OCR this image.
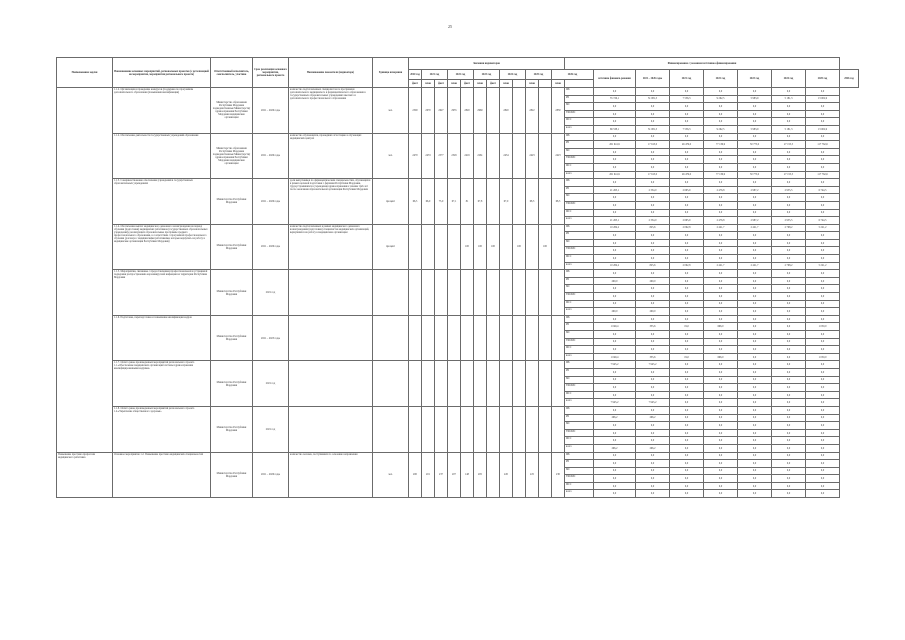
25
Наименование задачи	Наименование основных мероприятий, региональных проектов (с детализацией на мероприятия, мероприятия регионального проекта)	Ответственный исполнитель, соисполнитель, участник	Срок реализации основного мероприятия, регионального проекта	Наименование показателя (индикатора)	Единица измерения	Значения индикаторов												Финансирование с указанием источника финансирования								
						2020 год	2021 год		2022 год		2023 год		2024 год		2025 год		2026 год		источник финанси-рования	2021 – 2026 годы	2021 год	2022 год	2023 год	2024 год	2025 год	2026 год
						факт	план	факт	план	факт	план	факт	план		план		план									
	1.1.2. Организация и проведение конкурсов (поддержка по программам дополнительного образования (повышения квалификации)	Министерство образования Республики Мордовия подведомственные Министерству здравоохранения Республики Мордовия медицинские организации	2021 – 2026 годы	количество подготовленных специалистов по программам дополнительного медицинского и фармацевтического образования в государственных образовательных учреждениях высшего и дополнительного профессионального образования	чел.	2300	2670	2627	2955	2820	2960		2820		2822		2830	ФБ	0,0	0,0	0,0	0,0	0,0	0,0	0,0	
																		РБ	35 726,1	31 081,5	7 556,3	9 262,5	5 983,9	5 181,3	13 002,9	
																		МС	0,0	0,0	0,0	0,0	0,0	0,0	0,0	
																		ТФОМС	0,0	0,0	0,0	0,0	0,0	0,0	0,0	
																		ФСС	0,0	0,0	0,0	0,0	0,0	0,0	0,0	
																		всего	66 538,1	31 081,5	7 556,3	9 262,5	5 983,9	5 181,3	13 002,9	
	1.1.2. Обеспечение деятельности государственных учреждений образования	Министерство образования Республики Мордовия подведомственные Министерству здравоохранения Республики Мордовия медицинские организации	2021 – 2026 годы	количество обучающихся, прошедших аттестацию в обучающих медицинских центрах	чел.	2470	2453	2577	2329	2419	2261		2454		2423		2423	ФБ	0,0	0,0	0,0	0,0	0,0	0,0	0,0	
																		РБ	261 941,9	17 613,0	46 479,0	77 136,9	50 775,0	27 155,5	117 762,6	
																		МС	0,0	0,0	0,0	0,0	0,0	0,0	0,0	
																		ТФОМС	0,0	0,0	0,0	0,0	0,0	0,0	0,0	
																		ФСС	0,0	0,0	0,0	0,0	0,0	0,0	0,0	
																		всего	261 941,9	17 613,0	46 479,0	77 136,9	50 775,0	27 155,5	117 762,6	
	1.1.3. Совершенствование обеспечения учреждений в государственных образовательных учреждениях	Министерство Республики Мордовия	2021 – 2026 годы	доля выпускников по фармацевтическим специальностям, обучающихся в рамках целевой подготовки с фермами Республики Мордовия, трудоустроившихся в учреждения здравоохранения в течение трёх лет после окончания образовательной организации Республики Мордовия	процент	66,5	66,0	75,0	67,1	81	67,8		67,0		68,3		68,3	ФБ	0,0	0,0	0,0	0,0	0,0	0,0	0,0	
																		РБ	21 263,1	2 354,0	2 695,9	2 476,8	2 987,2	2 955,5	6 744,5	
																		МС	0,0	0,0	0,0	0,0	0,0	0,0	0,0	
																		ТФОМС	0,0	0,0	0,0	0,0	0,0	0,0	0,0	
																		ФСС	0,0	0,0	0,0	0,0	0,0	0,0	0,0	
																		всего	21 263,1	2 354,0	2 695,9	2 476,8	2 987,2	2 955,5	6 744,5	
	1.1.4. Обеспечение выплат медицинского денежного вознаграждения на период обучения (подготовки) медицинских работников (государственных образовательных учреждений), реализующих образовательные программы среднего профессионального образования, в соответствии с программой профессионального обучения (договора с медицинскими работниками, которые вернулись на работу в медицинские организации Республики Мордовия)	Министерство Республики Мордовия	2021 – 2026 годы	количество подготовленных в рамках медицинского денежного вознаграждения (подготовки) специалистов медицинских организаций, вернувшихся на работу в медицинские организации	процент					100	100	100		100		100		ФБ	10 284,2	825,6	2 092,8	2 421,7	2 421,7	2 798,2	5 221,2	
																		РБ	0,0	0,0	0,0	0,0	0,0	0,0	0,0	
																		МС	0,0	0,0	0,0	0,0	0,0	0,0	0,0	
																		ТФОМС	0,0	0,0	0,0	0,0	0,0	0,0	0,0	
																		ФСС	0,0	0,0	0,0	0,0	0,0	0,0	0,0	
																		всего	10 284,2	825,6	2 092,8	2 421,7	2 421,7	2 798,2	5 221,2	
	1.1.5. Мероприятия, связанные с предоставлением профессиональной и устранимой поддержки распространению коронавирусной инфекции на территории Республики Мордовия	Министерство Республики Мордовия	2021 год															ФБ	0,0	0,0	0,0	0,0	0,0	0,0	0,0	
																		РБ	290,0	290,0	0,0	0,0	0,0	0,0	0,0	
																		МС	0,0	0,0	0,0	0,0	0,0	0,0	0,0	
																		ТФОМС	0,0	0,0	0,0	0,0	0,0	0,0	0,0	
																		ФСС	0,0	0,0	0,0	0,0	0,0	0,0	0,0	
																		всего	290,0	290,0	0,0	0,0	0,0	0,0	0,0	
	1.1.6. Подготовка, переподготовка и повышение квалификации кадров	Министерство Республики Мордовия	2021 – 2023 годы															ФБ	0,0	0,0	0,0	0,0	0,0	0,0	0,0	
																		РБ	1 049,4	335,6	19,0	696,0	0,0	0,0	1 050,0	
																		МС	0,0	0,0	0,0	0,0	0,0	0,0	0,0	
																		ТФОМС	0,0	0,0	0,0	0,0	0,0	0,0	0,0	
																		ФСС	0,0	0,0	0,0	0,0	0,0	0,0	0,0	
																		всего	1 049,4	335,6	19,0	696,0	0,0	0,0	1 050,0	
	1.1.7. Оплата ранее произведенных мероприятий регионального проекта 1.1.«Обеспечение медицинских организаций системы здравоохранения квалифицированными кадрами»	Министерство Республики Мордовия	2021 год															ФБ	7 945,2	7 945,2	0,0	0,0	0,0	0,0	0,0	
																		РБ	0,0	0,0	0,0	0,0	0,0	0,0	0,0	
																		МС	0,0	0,0	0,0	0,0	0,0	0,0	0,0	
																		ТФОМС	0,0	0,0	0,0	0,0	0,0	0,0	0,0	
																		ФСС	0,0	0,0	0,0	0,0	0,0	0,0	0,0	
																		всего	7 945,2	7 945,2	0,0	0,0	0,0	0,0	0,0	
	1.1.8. Оплата ранее произведенных мероприятий регионального проекта 1.4.«Укрепление общественного здоровья»	Министерство Республики Мордовия	2021 год															ФБ	0,0	0,0	0,0	0,0	0,0	0,0	0,0	
																		РБ	296,2	296,2	0,0	0,0	0,0	0,0	0,0	
																		МС	0,0	0,0	0,0	0,0	0,0	0,0	0,0	
																		ТФОМС	0,0	0,0	0,0	0,0	0,0	0,0	0,0	
																		ФСС	0,0	0,0	0,0	0,0	0,0	0,0	0,0	
																		всего	296,2	296,2	0,0	0,0	0,0	0,0	0,0	
Повышение престижа профессии медицинского работника	Основное мероприятие 1.2. Повышение престижа медицинских специальностей	Министерство Республики Мордовия	2021 – 2026 годы	количество человек, поступивших по освоению направления	чел.	200	201	237	207	148	205		220		225		230	ФБ	0,0	0,0	0,0	0,0	0,0	0,0	0,0	
																		РБ	0,0	0,0	0,0	0,0	0,0	0,0	0,0	
																		МС	0,0	0,0	0,0	0,0	0,0	0,0	0,0	
																		ТФОМС	0,0	0,0	0,0	0,0	0,0	0,0	0,0	
																		ФСС	0,0	0,0	0,0	0,0	0,0	0,0	0,0	
																		всего	0,0	0,0	0,0	0,0	0,0	0,0	0,0	
